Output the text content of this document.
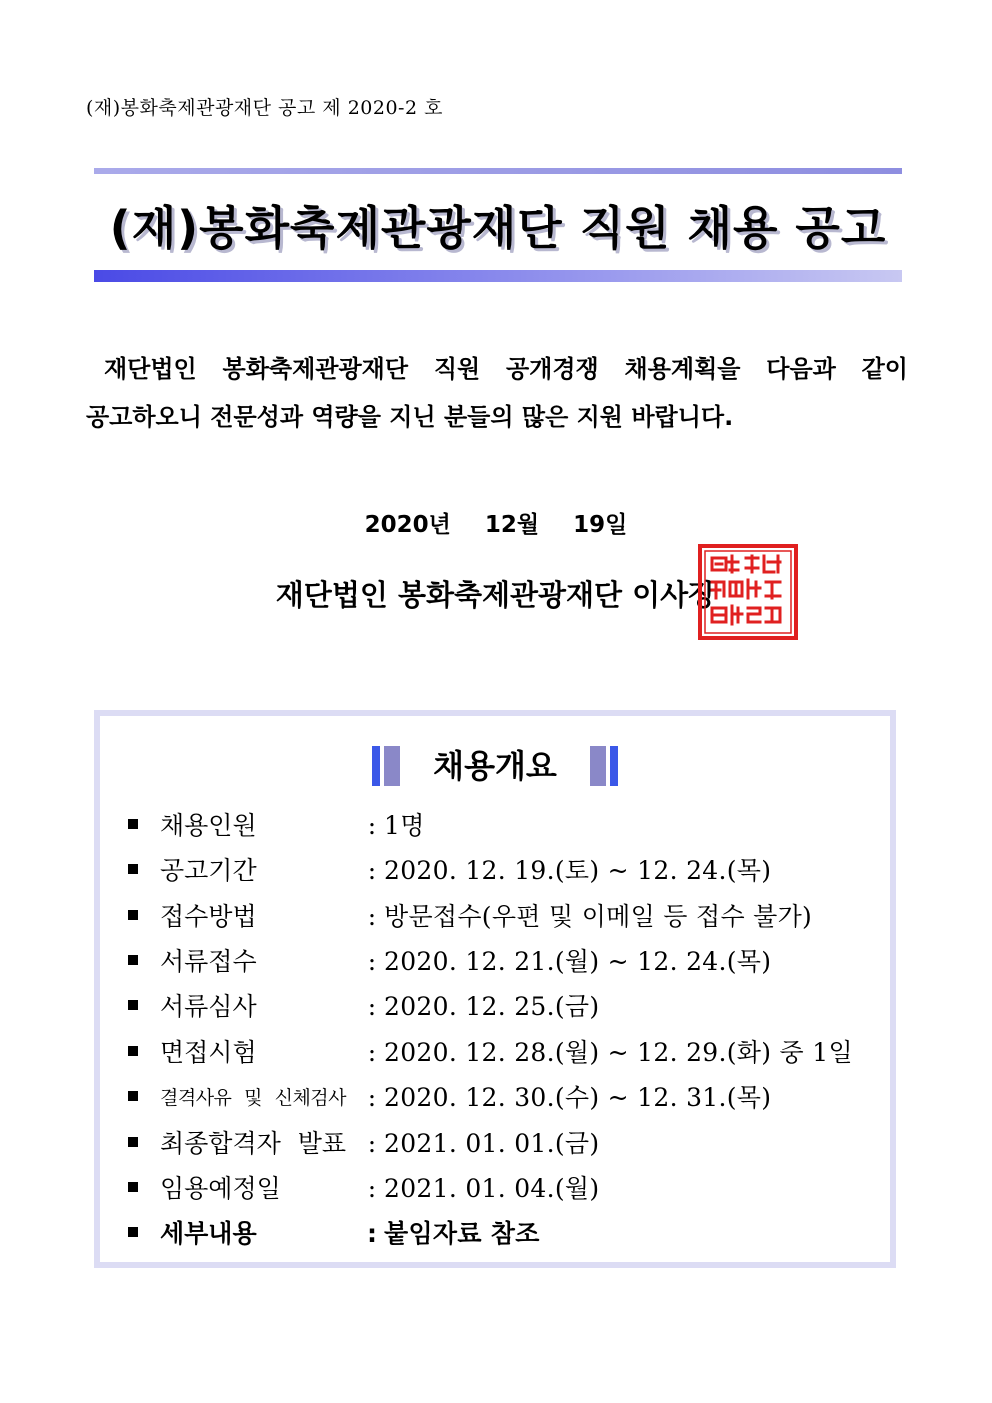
(재)봉화축제관광재단 공고 제 2020-2 호
(재)봉화축제관광재단 직원 채용 공고
재단법인 봉화축제관광재단 직원 공개경쟁 채용계획을 다음과 같이
공고하오니 전문성과 역량을 지닌 분들의 많은 지원 바랍니다.
2020년 12월 19일
재단법인 봉화축제관광재단 이사장
채용개요
채용인원	: 1명
공고기간	: 2020. 12. 19.(토) ~ 12. 24.(목)
접수방법	: 방문접수(우편 및 이메일 등 접수 불가)
서류접수	: 2020. 12. 21.(월) ~ 12. 24.(목)
서류심사	: 2020. 12. 25.(금)
면접시험	: 2020. 12. 28.(월) ~ 12. 29.(화) 중 1일
결격사유 및 신체검사 : 2020. 12. 30.(수) ~ 12. 31.(목)
최종합격자 발표 : 2021. 01. 01.(금)
임용예정일	: 2021. 01. 04.(월)
세부내용	: 붙임자료 참조
